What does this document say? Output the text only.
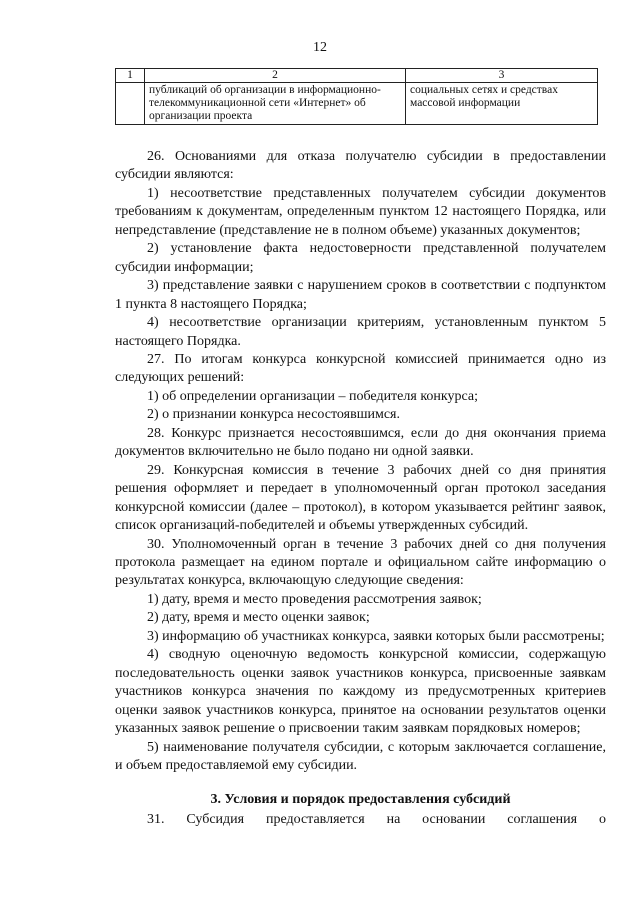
12
1	2	3
	публикаций об организации в информационно-телекоммуникационной сети «Интернет» об организации проекта	социальных сетях и средствах массовой информации

26. Основаниями для отказа получателю субсидии в предоставлении субсидии являются:

1) несоответствие представленных получателем субсидии документов требованиям к документам, определенным пунктом 12 настоящего Порядка, или непредставление (представление не в полном объеме) указанных документов;

2) установление факта недостоверности представленной получателем субсидии информации;

3) представление заявки с нарушением сроков в соответствии с подпунктом 1 пункта 8 настоящего Порядка;

4) несоответствие организации критериям, установленным пунктом 5 настоящего Порядка.

27. По итогам конкурса конкурсной комиссией принимается одно из следующих решений:

1) об определении организации – победителя конкурса;

2) о признании конкурса несостоявшимся.

28. Конкурс признается несостоявшимся, если до дня окончания приема документов включительно не было подано ни одной заявки.

29. Конкурсная комиссия в течение 3 рабочих дней со дня принятия решения оформляет и передает в уполномоченный орган протокол заседания конкурсной комиссии (далее – протокол), в котором указывается рейтинг заявок, список организаций-победителей и объемы утвержденных субсидий.

30. Уполномоченный орган в течение 3 рабочих дней со дня получения протокола размещает на едином портале и официальном сайте информацию о результатах конкурса, включающую следующие сведения:

1) дату, время и место проведения рассмотрения заявок;

2) дату, время и место оценки заявок;

3) информацию об участниках конкурса, заявки которых были рассмотрены;

4) сводную оценочную ведомость конкурсной комиссии, содержащую последовательность оценки заявок участников конкурса, присвоенные заявкам участников конкурса значения по каждому из предусмотренных критериев оценки заявок участников конкурса, принятое на основании результатов оценки указанных заявок решение о присвоении таким заявкам порядковых номеров;

5) наименование получателя субсидии, с которым заключается соглашение, и объем предоставляемой ему субсидии.

3. Условия и порядок предоставления субсидий

31. Субсидия предоставляется на основании соглашения о
